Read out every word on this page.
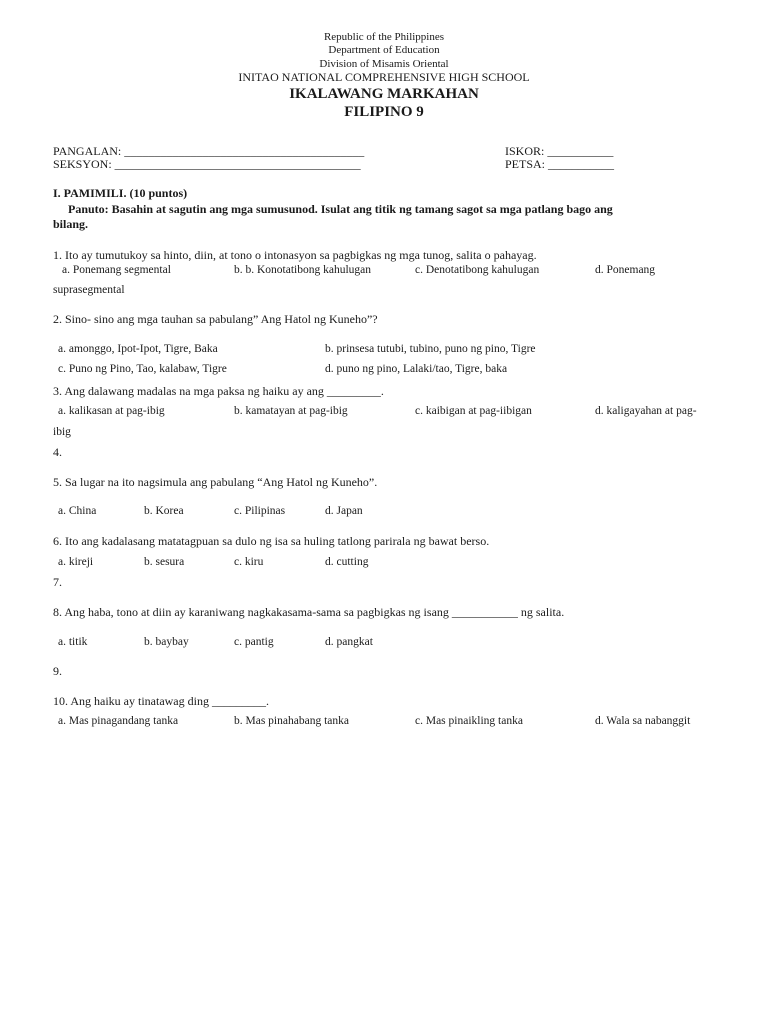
Republic of the Philippines
Department of Education
Division of Misamis Oriental
INITAO NATIONAL COMPREHENSIVE HIGH SCHOOL
IKALAWANG MARKAHAN
FILIPINO 9
PANGALAN: ________________________________________
SEKSYON: _________________________________________
ISKOR: ___________
PETSA: ___________
I. PAMIMILI. (10 puntos)
Panuto: Basahin at sagutin ang mga sumusunod. Isulat ang titik ng tamang sagot sa mga patlang bago ang
bilang.
1. Ito ay tumutukoy sa hinto, diin, at tono o intonasyon sa pagbigkas ng mga tunog, salita o pahayag.
a. Ponemang segmental	b. b. Konotatibong kahulugan	c. Denotatibong kahulugan	d. Ponemang
suprasegmental
2. Sino- sino ang mga tauhan sa pabulang” Ang Hatol ng Kuneho”?
a. amonggo, Ipot-Ipot, Tigre, Baka	b. prinsesa tutubi, tubino, puno ng pino, Tigre
c. Puno ng Pino, Tao, kalabaw, Tigre	d. puno ng pino, Lalaki/tao, Tigre, baka
3. Ang dalawang madalas na mga paksa ng haiku ay ang _________.
a. kalikasan at pag-ibig	b. kamatayan at pag-ibig	c. kaibigan at pag-iibigan	d. kaligayahan at pag-
ibig
4.
5. Sa lugar na ito nagsimula ang pabulang “Ang Hatol ng Kuneho”.
a. China	b. Korea	c. Pilipinas	d. Japan
6. Ito ang kadalasang matatagpuan sa dulo ng isa sa huling tatlong parirala ng bawat berso.
a. kireji	b. sesura	c. kiru	d. cutting
7.
8. Ang haba, tono at diin ay karaniwang nagkakasama-sama sa pagbigkas ng isang ___________ ng salita.
a. titik	b. baybay	c. pantig	d. pangkat
9.
10. Ang haiku ay tinatawag ding _________.
a. Mas pinagandang tanka	b. Mas pinahabang tanka	c. Mas pinaikling tanka	d. Wala sa nabanggit
